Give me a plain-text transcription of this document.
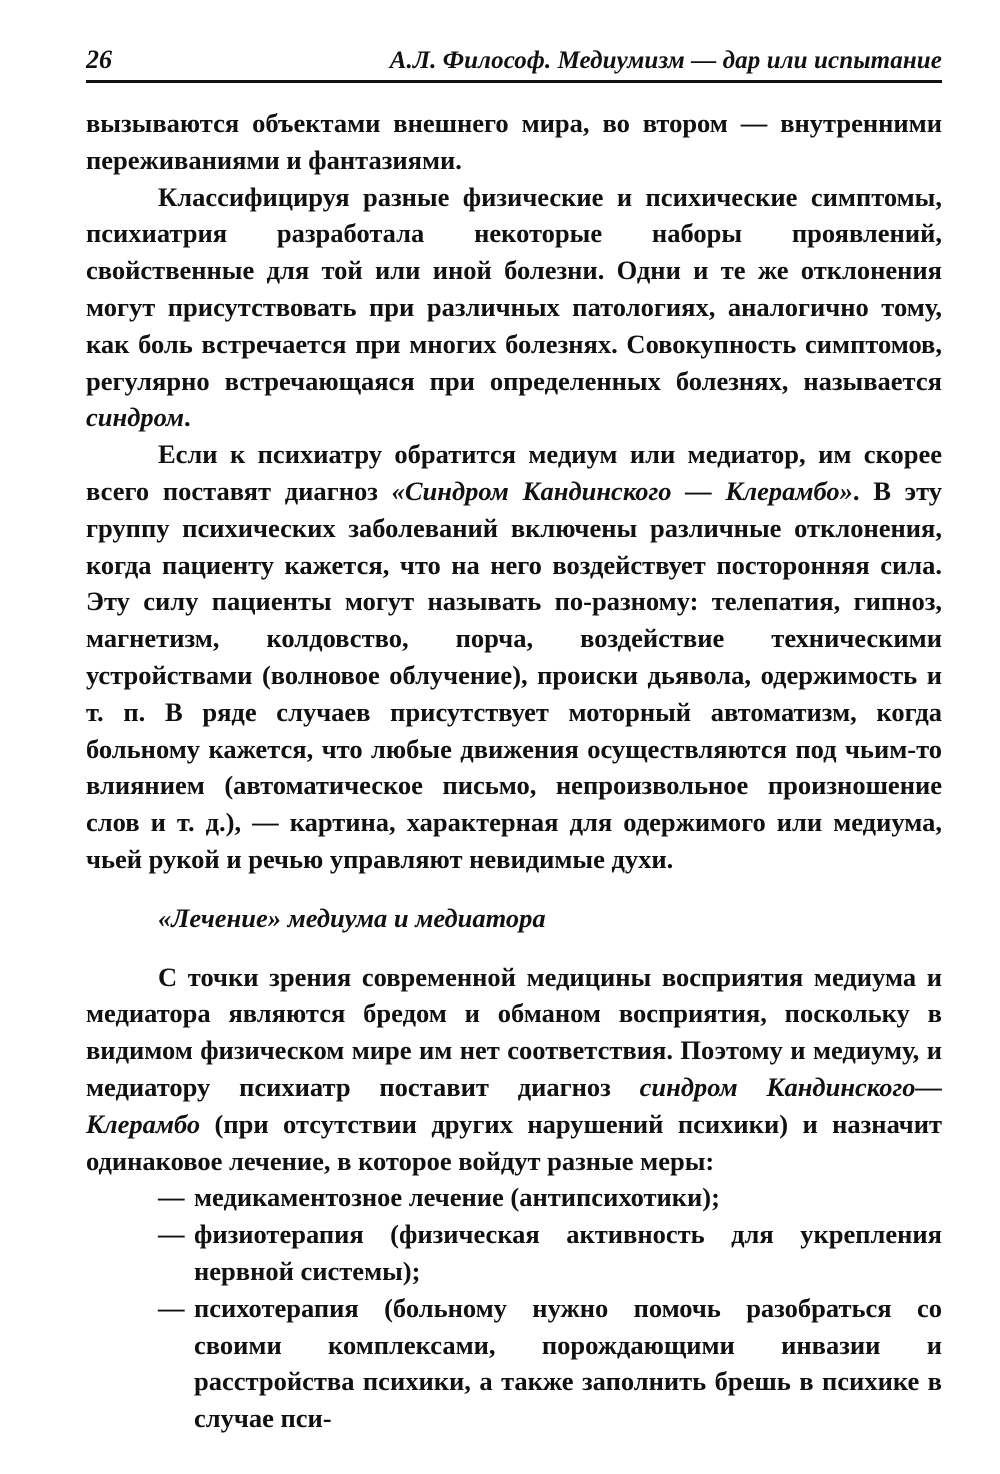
26	А.Л. Философ. Медиумизм — дар или испытание

вызываются объектами внешнего мира, во втором — внутренними переживаниями и фантазиями.

Классифицируя разные физические и психические симптомы, психиатрия разработала некоторые наборы проявлений, свойственные для той или иной болезни. Одни и те же отклонения могут присутствовать при различных патологиях, аналогично тому, как боль встречается при многих болезнях. Совокупность симптомов, регулярно встречающаяся при определенных болезнях, называется синдром.

Если к психиатру обратится медиум или медиатор, им скорее всего поставят диагноз «Синдром Кандинского — Клерамбо». В эту группу психических заболеваний включены различные отклонения, когда пациенту кажется, что на него воздействует посторонняя сила. Эту силу пациенты могут называть по-разному: телепатия, гипноз, магнетизм, колдовство, порча, воздействие техническими устройствами (волновое облучение), происки дьявола, одержимость и т. п. В ряде случаев присутствует моторный автоматизм, когда больному кажется, что любые движения осуществляются под чьим-то влиянием (автоматическое письмо, непроизвольное произношение слов и т. д.), — картина, характерная для одержимого или медиума, чьей рукой и речью управляют невидимые духи.

«Лечение» медиума и медиатора

С точки зрения современной медицины восприятия медиума и медиатора являются бредом и обманом восприятия, поскольку в видимом физическом мире им нет соответствия. Поэтому и медиуму, и медиатору психиатр поставит диагноз синдром Кандинского—Клерамбо (при отсутствии других нарушений психики) и назначит одинаковое лечение, в которое войдут разные меры:

— медикаментозное лечение (антипсихотики);
— физиотерапия (физическая активность для укрепления нервной системы);
— психотерапия (больному нужно помочь разобраться со своими комплексами, порождающими инвазии и расстройства психики, а также заполнить брешь в психике в случае пси-
